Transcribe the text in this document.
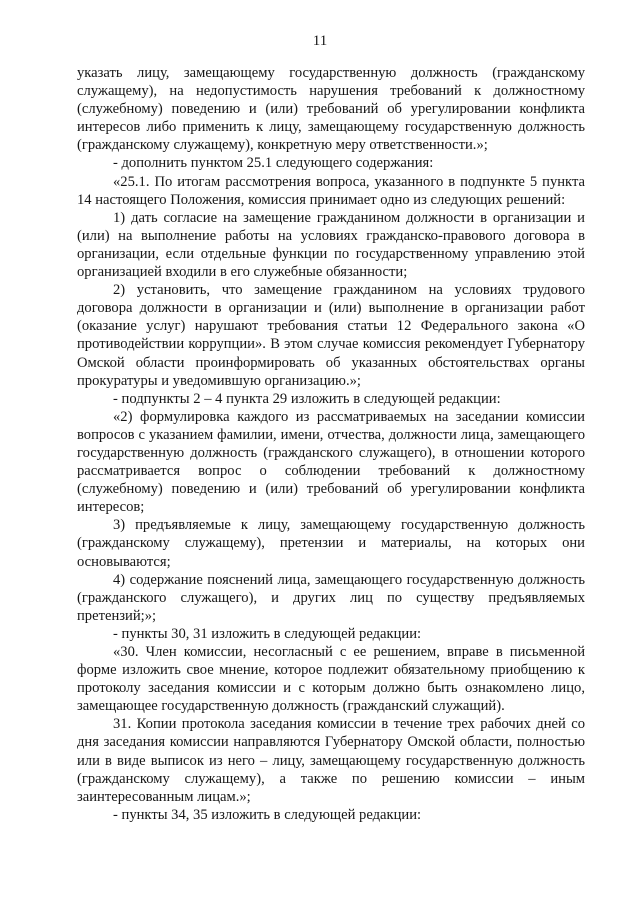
11

указать лицу, замещающему государственную должность (гражданскому служащему), на недопустимость нарушения требований к должностному (служебному) поведению и (или) требований об урегулировании конфликта интересов либо применить к лицу, замещающему государственную должность (гражданскому служащему), конкретную меру ответственности.»;

- дополнить пунктом 25.1 следующего содержания:

«25.1. По итогам рассмотрения вопроса, указанного в подпункте 5 пункта 14 настоящего Положения, комиссия принимает одно из следующих решений:

1) дать согласие на замещение гражданином должности в организации и (или) на выполнение работы на условиях гражданско-правового договора в организации, если отдельные функции по государственному управлению этой организацией входили в его служебные обязанности;

2) установить, что замещение гражданином на условиях трудового договора должности в организации и (или) выполнение в организации работ (оказание услуг) нарушают требования статьи 12 Федерального закона «О противодействии коррупции». В этом случае комиссия рекомендует Губернатору Омской области проинформировать об указанных обстоятельствах органы прокуратуры и уведомившую организацию.»;

- подпункты 2 – 4 пункта 29 изложить в следующей редакции:

«2) формулировка каждого из рассматриваемых на заседании комиссии вопросов с указанием фамилии, имени, отчества, должности лица, замещающего государственную должность (гражданского служащего), в отношении которого рассматривается вопрос о соблюдении требований к должностному (служебному) поведению и (или) требований об урегулировании конфликта интересов;

3) предъявляемые к лицу, замещающему государственную должность (гражданскому служащему), претензии и материалы, на которых они основываются;

4) содержание пояснений лица, замещающего государственную должность (гражданского служащего), и других лиц по существу предъявляемых претензий;»;

- пункты 30, 31 изложить в следующей редакции:

«30. Член комиссии, несогласный с ее решением, вправе в письменной форме изложить свое мнение, которое подлежит обязательному приобщению к протоколу заседания комиссии и с которым должно быть ознакомлено лицо, замещающее государственную должность (гражданский служащий).

31. Копии протокола заседания комиссии в течение трех рабочих дней со дня заседания комиссии направляются Губернатору Омской области, полностью или в виде выписок из него – лицу, замещающему государственную должность (гражданскому служащему), а также по решению комиссии – иным заинтересованным лицам.»;

- пункты 34, 35 изложить в следующей редакции:
